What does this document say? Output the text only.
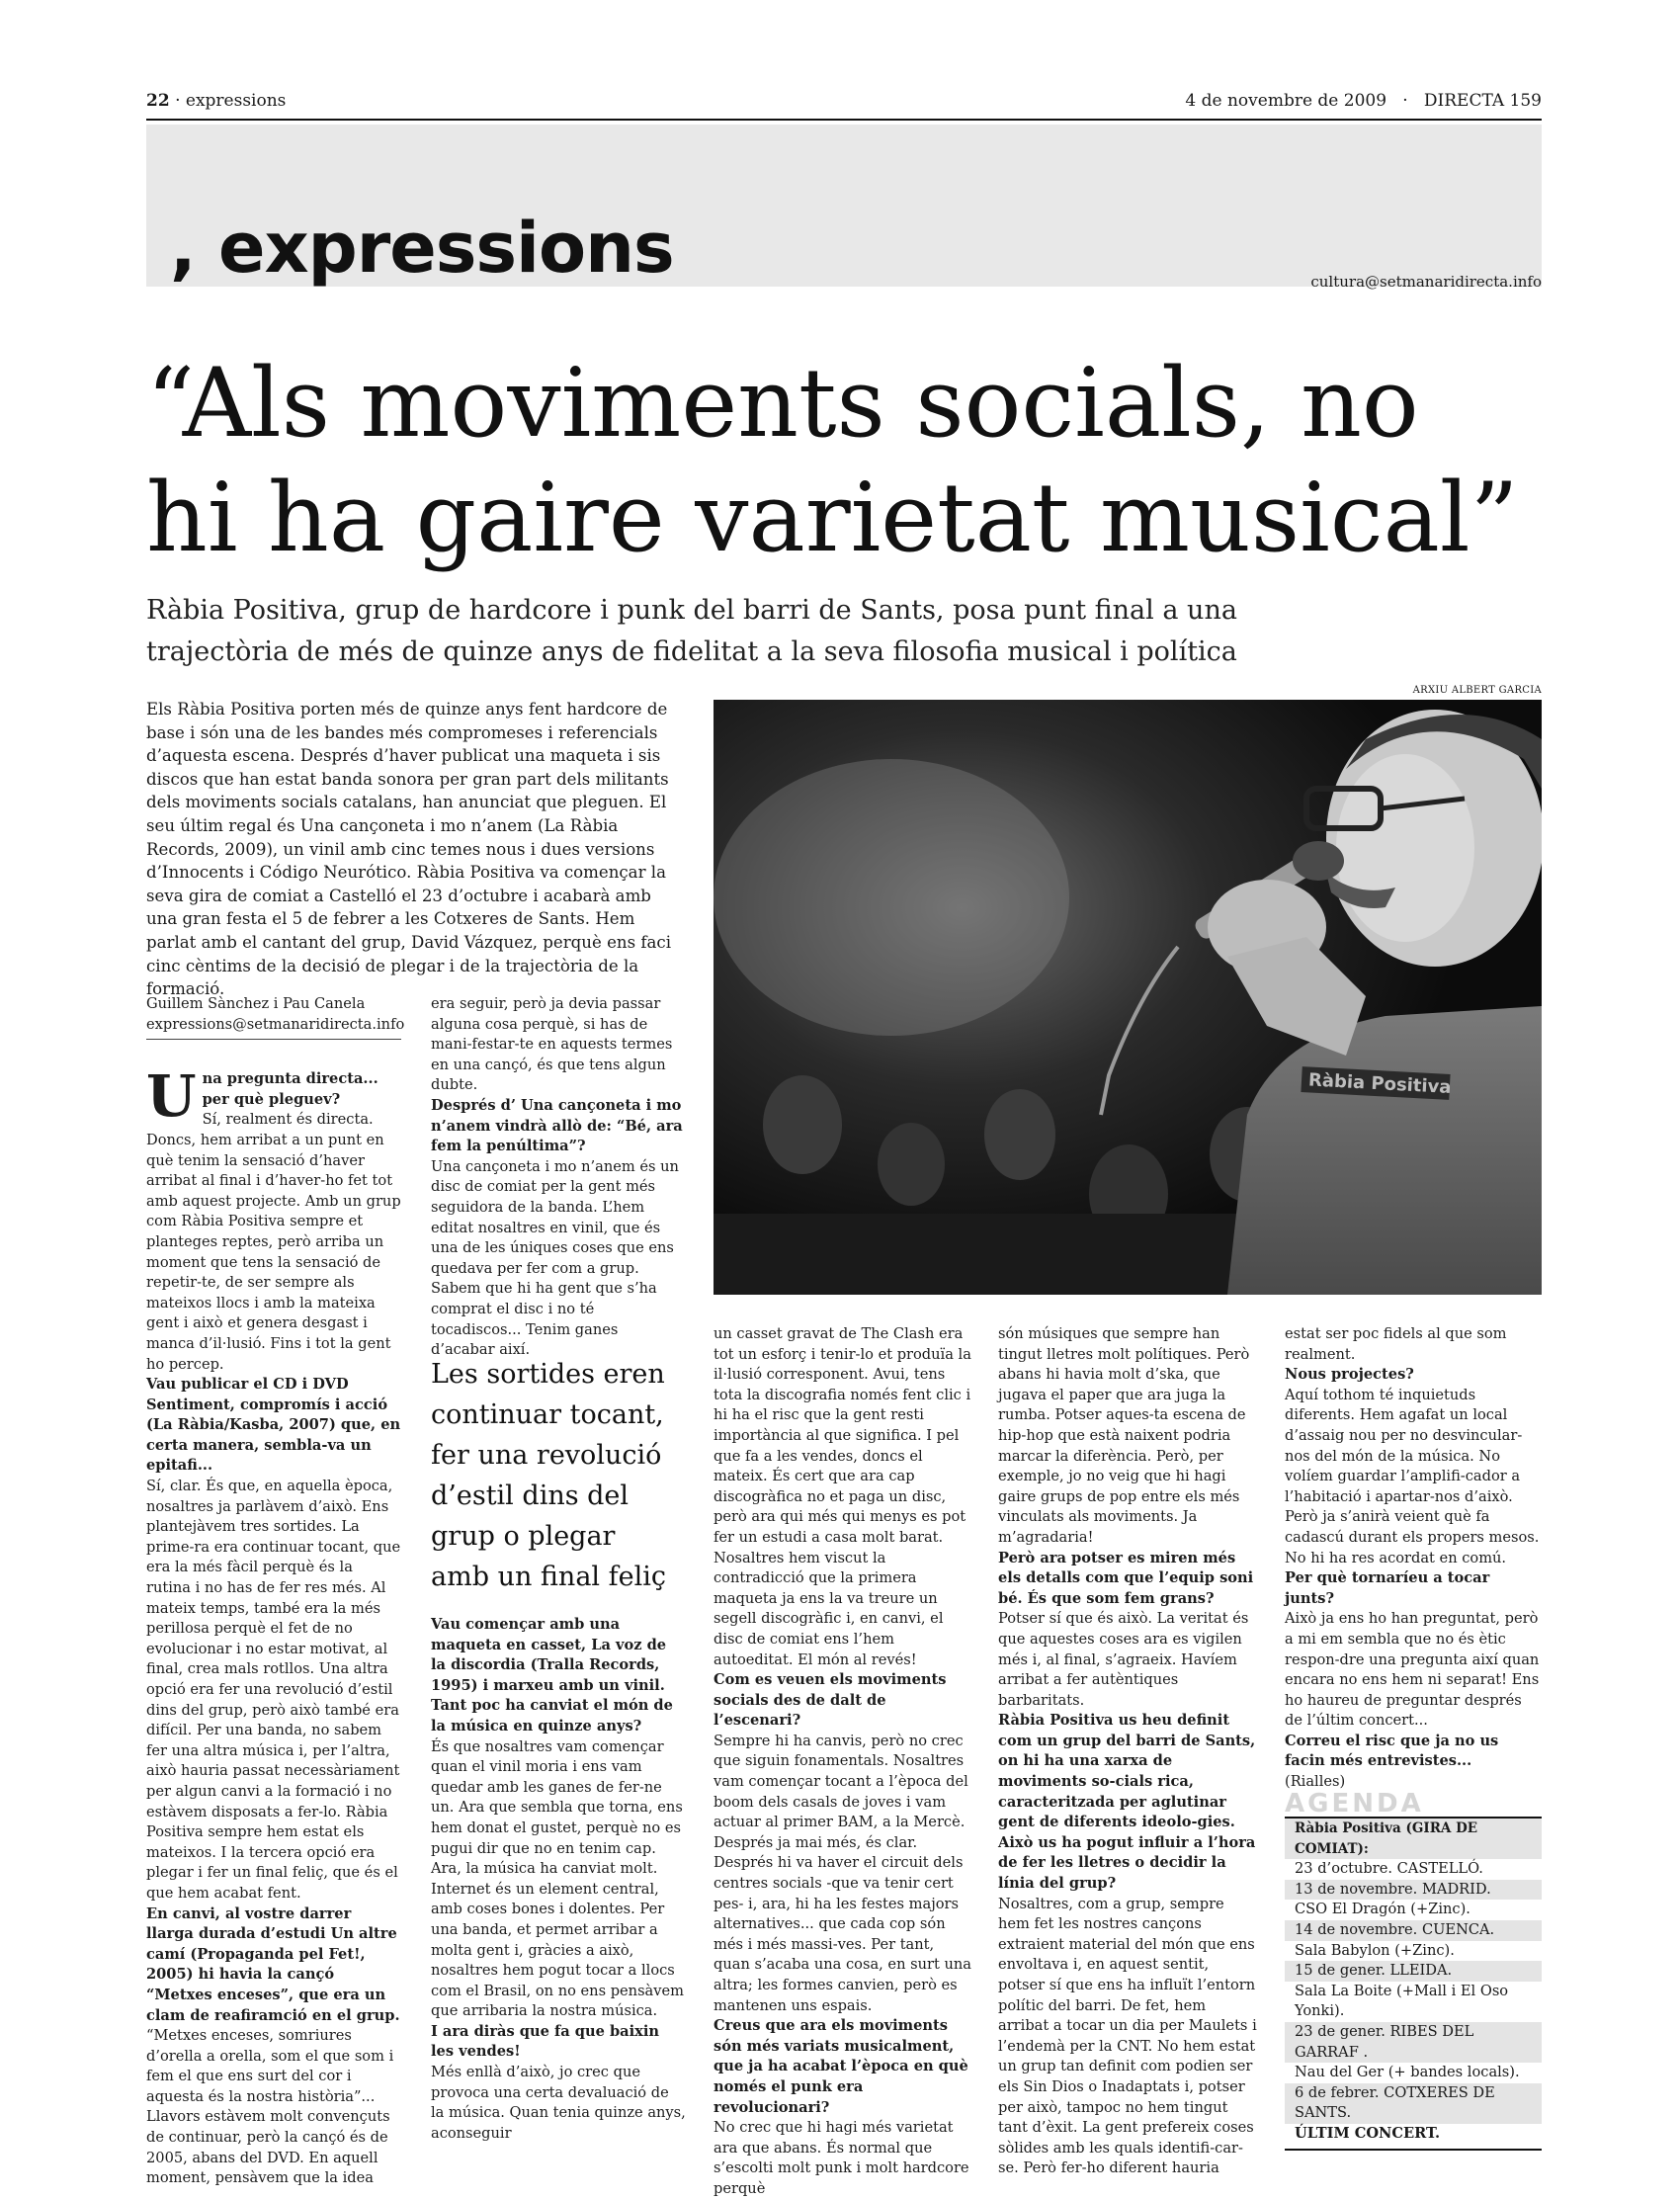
22 · expressions	4 de novembre de 2009 · DIRECTA 159
, expressions	cultura@setmanaridirecta.info
“Als moviments socials, no
hi ha gaire varietat musical”
Ràbia Positiva, grup de hardcore i punk del barri de Sants, posa punt final a una
trajectòria de més de quinze anys de fidelitat a la seva filosofia musical i política
ARXIU ALBERT GARCIA
Ràbia Positiva

Els Ràbia Positiva porten més de quinze anys fent hardcore de base i són una de les bandes més compromeses i referencials d’aquesta escena. Després d’haver publicat una maqueta i sis discos que han estat banda sonora per gran part dels militants dels moviments socials catalans, han anunciat que pleguen. El seu últim regal és Una cançoneta i mo n’anem (La Ràbia Records, 2009), un vinil amb cinc temes nous i dues versions d’Innocents i Código Neurótico. Ràbia Positiva va començar la seva gira de comiat a Castelló el 23 d’octubre i acabarà amb una gran festa el 5 de febrer a les Cotxeres de Sants. Hem parlat amb el cantant del grup, David Vázquez, perquè ens faci cinc cèntims de la decisió de plegar i de la trajectòria de la formació.

Guillem Sànchez i Pau Canela
expressions@setmanaridirecta.info
U na pregunta directa... per què pleguev?

Sí, realment és directa. Doncs, hem arribat a un punt en què tenim la sensació d’haver arribat al final i d’haver-ho fet tot amb aquest projecte. Amb un grup com Ràbia Positiva sempre et planteges reptes, però arriba un moment que tens la sensació de repetir-te, de ser sempre als mateixos llocs i amb la mateixa gent i això et genera desgast i manca d’il·lusió. Fins i tot la gent ho percep.

Vau publicar el CD i DVD Sentiment, compromís i acció (La Ràbia/Kasba, 2007) que, en certa manera, sembla-va un epitafi...

Sí, clar. És que, en aquella època, nosaltres ja parlàvem d’això. Ens plantejàvem tres sortides. La prime-ra era continuar tocant, que era la més fàcil perquè és la rutina i no has de fer res més. Al mateix temps, també era la més perillosa perquè el fet de no evolucionar i no estar motivat, al final, crea mals rotllos. Una altra opció era fer una revolució d’estil dins del grup, però això també era difícil. Per una banda, no sabem fer una altra música i, per l’altra, això hauria passat necessàriament per algun canvi a la formació i no estàvem disposats a fer-lo. Ràbia Positiva sempre hem estat els mateixos. I la tercera opció era plegar i fer un final feliç, que és el que hem acabat fent.

En canvi, al vostre darrer llarga durada d’estudi Un altre camí (Propaganda pel Fet!, 2005) hi havia la cançó “Metxes enceses”, que era un clam de reafiramció en el grup.

“Metxes enceses, somriures d’orella a orella, som el que som i fem el que ens surt del cor i aquesta és la nostra història”... Llavors estàvem molt convençuts de continuar, però la cançó és de 2005, abans del DVD. En aquell moment, pensàvem que la idea

era seguir, però ja devia passar alguna cosa perquè, si has de mani-festar-te en aquests termes en una cançó, és que tens algun dubte.

Després d’ Una cançoneta i mo n’anem vindrà allò de: “Bé, ara fem la penúltima”?

Una cançoneta i mo n’anem és un disc de comiat per la gent més seguidora de la banda. L’hem editat nosaltres en vinil, que és una de les úniques coses que ens quedava per fer com a grup. Sabem que hi ha gent que s’ha comprat el disc i no té tocadiscos... Tenim ganes d’acabar així.

Les sortides eren continuar tocant, fer una revolució d’estil dins del grup o plegar amb un final feliç

Vau començar amb una maqueta en casset, La voz de la discordia (Tralla Records, 1995) i marxeu amb un vinil. Tant poc ha canviat el món de la música en quinze anys?

És que nosaltres vam començar quan el vinil moria i ens vam quedar amb les ganes de fer-ne un. Ara que sembla que torna, ens hem donat el gustet, perquè no es pugui dir que no en tenim cap. Ara, la música ha canviat molt. Internet és un element central, amb coses bones i dolentes. Per una banda, et permet arribar a molta gent i, gràcies a això, nosaltres hem pogut tocar a llocs com el Brasil, on no ens pensàvem que arribaria la nostra música.

I ara diràs que fa que baixin les vendes!

Més enllà d’això, jo crec que provoca una certa devaluació de la música. Quan tenia quinze anys, aconseguir

un casset gravat de The Clash era tot un esforç i tenir-lo et produïa la il·lusió corresponent. Avui, tens tota la discografia només fent clic i hi ha el risc que la gent resti importància al que significa. I pel que fa a les vendes, doncs el mateix. És cert que ara cap discogràfica no et paga un disc, però ara qui més qui menys es pot fer un estudi a casa molt barat. Nosaltres hem viscut la contradicció que la primera maqueta ja ens la va treure un segell discogràfic i, en canvi, el disc de comiat ens l’hem autoeditat. El món al revés!

Com es veuen els moviments socials des de dalt de l’escenari?

Sempre hi ha canvis, però no crec que siguin fonamentals. Nosaltres vam començar tocant a l’època del boom dels casals de joves i vam actuar al primer BAM, a la Mercè. Després ja mai més, és clar. Després hi va haver el circuit dels centres socials -que va tenir cert pes- i, ara, hi ha les festes majors alternatives... que cada cop són més i més massi-ves. Per tant, quan s’acaba una cosa, en surt una altra; les formes canvien, però es mantenen uns espais.

Creus que ara els moviments són més variats musicalment, que ja ha acabat l’època en què només el punk era revolucionari?

No crec que hi hagi més varietat ara que abans. És normal que s’escolti molt punk i molt hardcore perquè

són músiques que sempre han tingut lletres molt polítiques. Però abans hi havia molt d’ska, que jugava el paper que ara juga la rumba. Potser aques-ta escena de hip-hop que està naixent podria marcar la diferència. Però, per exemple, jo no veig que hi hagi gaire grups de pop entre els més vinculats als moviments. Ja m’agradaria!

Però ara potser es miren més els detalls com que l’equip soni bé. És que som fem grans?

Potser sí que és això. La veritat és que aquestes coses ara es vigilen més i, al final, s’agraeix. Havíem arribat a fer autèntiques barbaritats.

Ràbia Positiva us heu definit com un grup del barri de Sants, on hi ha una xarxa de moviments so-cials rica, caracteritzada per aglutinar gent de diferents ideolo-gies. Això us ha pogut influir a l’hora de fer les lletres o decidir la línia del grup?

Nosaltres, com a grup, sempre hem fet les nostres cançons extraient material del món que ens envoltava i, en aquest sentit, potser sí que ens ha influït l’entorn polític del barri. De fet, hem arribat a tocar un dia per Maulets i l’endemà per la CNT. No hem estat un grup tan definit com podien ser els Sin Dios o Inadaptats i, potser per això, tampoc no hem tingut tant d’èxit. La gent prefereix coses sòlides amb les quals identifi-car-se. Però fer-ho diferent hauria

estat ser poc fidels al que som realment.

Nous projectes?

Aquí tothom té inquietuds diferents. Hem agafat un local d’assaig nou per no desvincular-nos del món de la música. No volíem guardar l’amplifi-cador a l’habitació i apartar-nos d’això. Però ja s’anirà veient què fa cadascú durant els propers mesos. No hi ha res acordat en comú.

Per què tornaríeu a tocar junts?

Això ja ens ho han preguntat, però a mi em sembla que no és ètic respon-dre una pregunta així quan encara no ens hem ni separat! Ens ho haureu de preguntar després de l’últim concert...

Correu el risc que ja no us facin més entrevistes...

(Rialles)

AGENDA
Ràbia Positiva (GIRA DE COMIAT):
23 d’octubre. CASTELLÓ.
13 de novembre. MADRID.
CSO El Dragón (+Zinc).
14 de novembre. CUENCA.
Sala Babylon (+Zinc).
15 de gener. LLEIDA.
Sala La Boite (+Mall i El Oso Yonki).
23 de gener. RIBES DEL GARRAF .
Nau del Ger (+ bandes locals).
6 de febrer. COTXERES DE SANTS.
ÚLTIM CONCERT.
